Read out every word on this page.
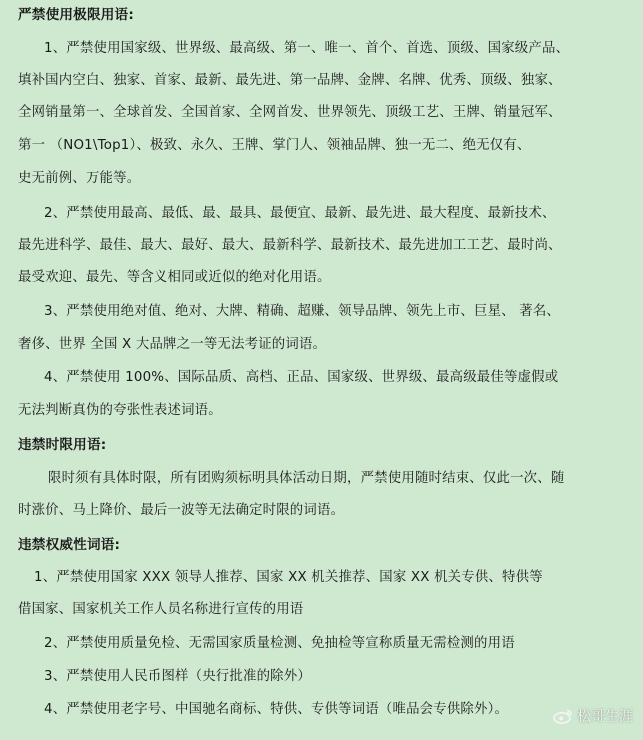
严禁使用极限用语:
1、严禁使用国家级、世界级、最高级、第一、唯一、首个、首选、顶级、国家级产品、
填补国内空白、独家、首家、最新、最先进、第一品牌、金牌、名牌、优秀、顶级、独家、
全网销量第一、全球首发、全国首家、全网首发、世界领先、顶级工艺、王牌、销量冠军、
第一 （NO1\Top1）、极致、永久、王牌、掌门人、领袖品牌、独一无二、绝无仅有、
史无前例、万能等。
2、严禁使用最高、最低、最、最具、最便宜、最新、最先进、最大程度、最新技术、
最先进科学、最佳、最大、最好、最大、最新科学、最新技术、最先进加工工艺、最时尚、
最受欢迎、最先、等含义相同或近似的绝对化用语。
3、严禁使用绝对值、绝对、大牌、精确、超赚、领导品牌、领先上市、巨星、 著名、
奢侈、世界 全国 X 大品牌之一等无法考证的词语。
4、严禁使用 100%、国际品质、高档、正品、国家级、世界级、最高级最佳等虚假或
无法判断真伪的夸张性表述词语。
违禁时限用语:
限时须有具体时限，所有团购须标明具体活动日期，严禁使用随时结束、仅此一次、随
时涨价、马上降价、最后一波等无法确定时限的词语。
违禁权威性词语:
1、严禁使用国家 XXX 领导人推荐、国家 XX 机关推荐、国家 XX 机关专供、特供等
借国家、国家机关工作人员名称进行宣传的用语
2、严禁使用质量免检、无需国家质量检测、免抽检等宣称质量无需检测的用语
3、严禁使用人民币图样（央行批准的除外）
4、严禁使用老字号、中国驰名商标、特供、专供等词语（唯品会专供除外）。	松哥生涯
